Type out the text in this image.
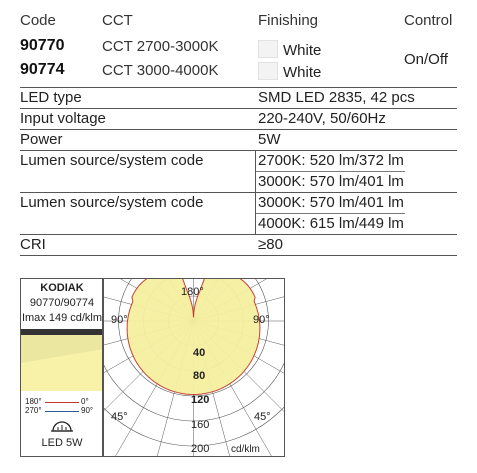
Code	CCT	Finishing	Control
90770	CCT 2700-3000K	White
90774	CCT 3000-4000K	White
On/Off
LED type	SMD LED 2835, 42 pcs
Input voltage	220-240V, 50/60Hz
Power	5W
Lumen source/system code	2700K: 520 lm/372 lm
3000K: 570 lm/401 lm
Lumen source/system code	3000K: 570 lm/401 lm
4000K: 615 lm/449 lm
CRI	≥80
KODIAK
90770/90774
Imax 149 cd/klm
180°	0°
270°	90°
LED 5W
180°
90°	90°
45°	45°
40
80
120
160
200 cd/klm
